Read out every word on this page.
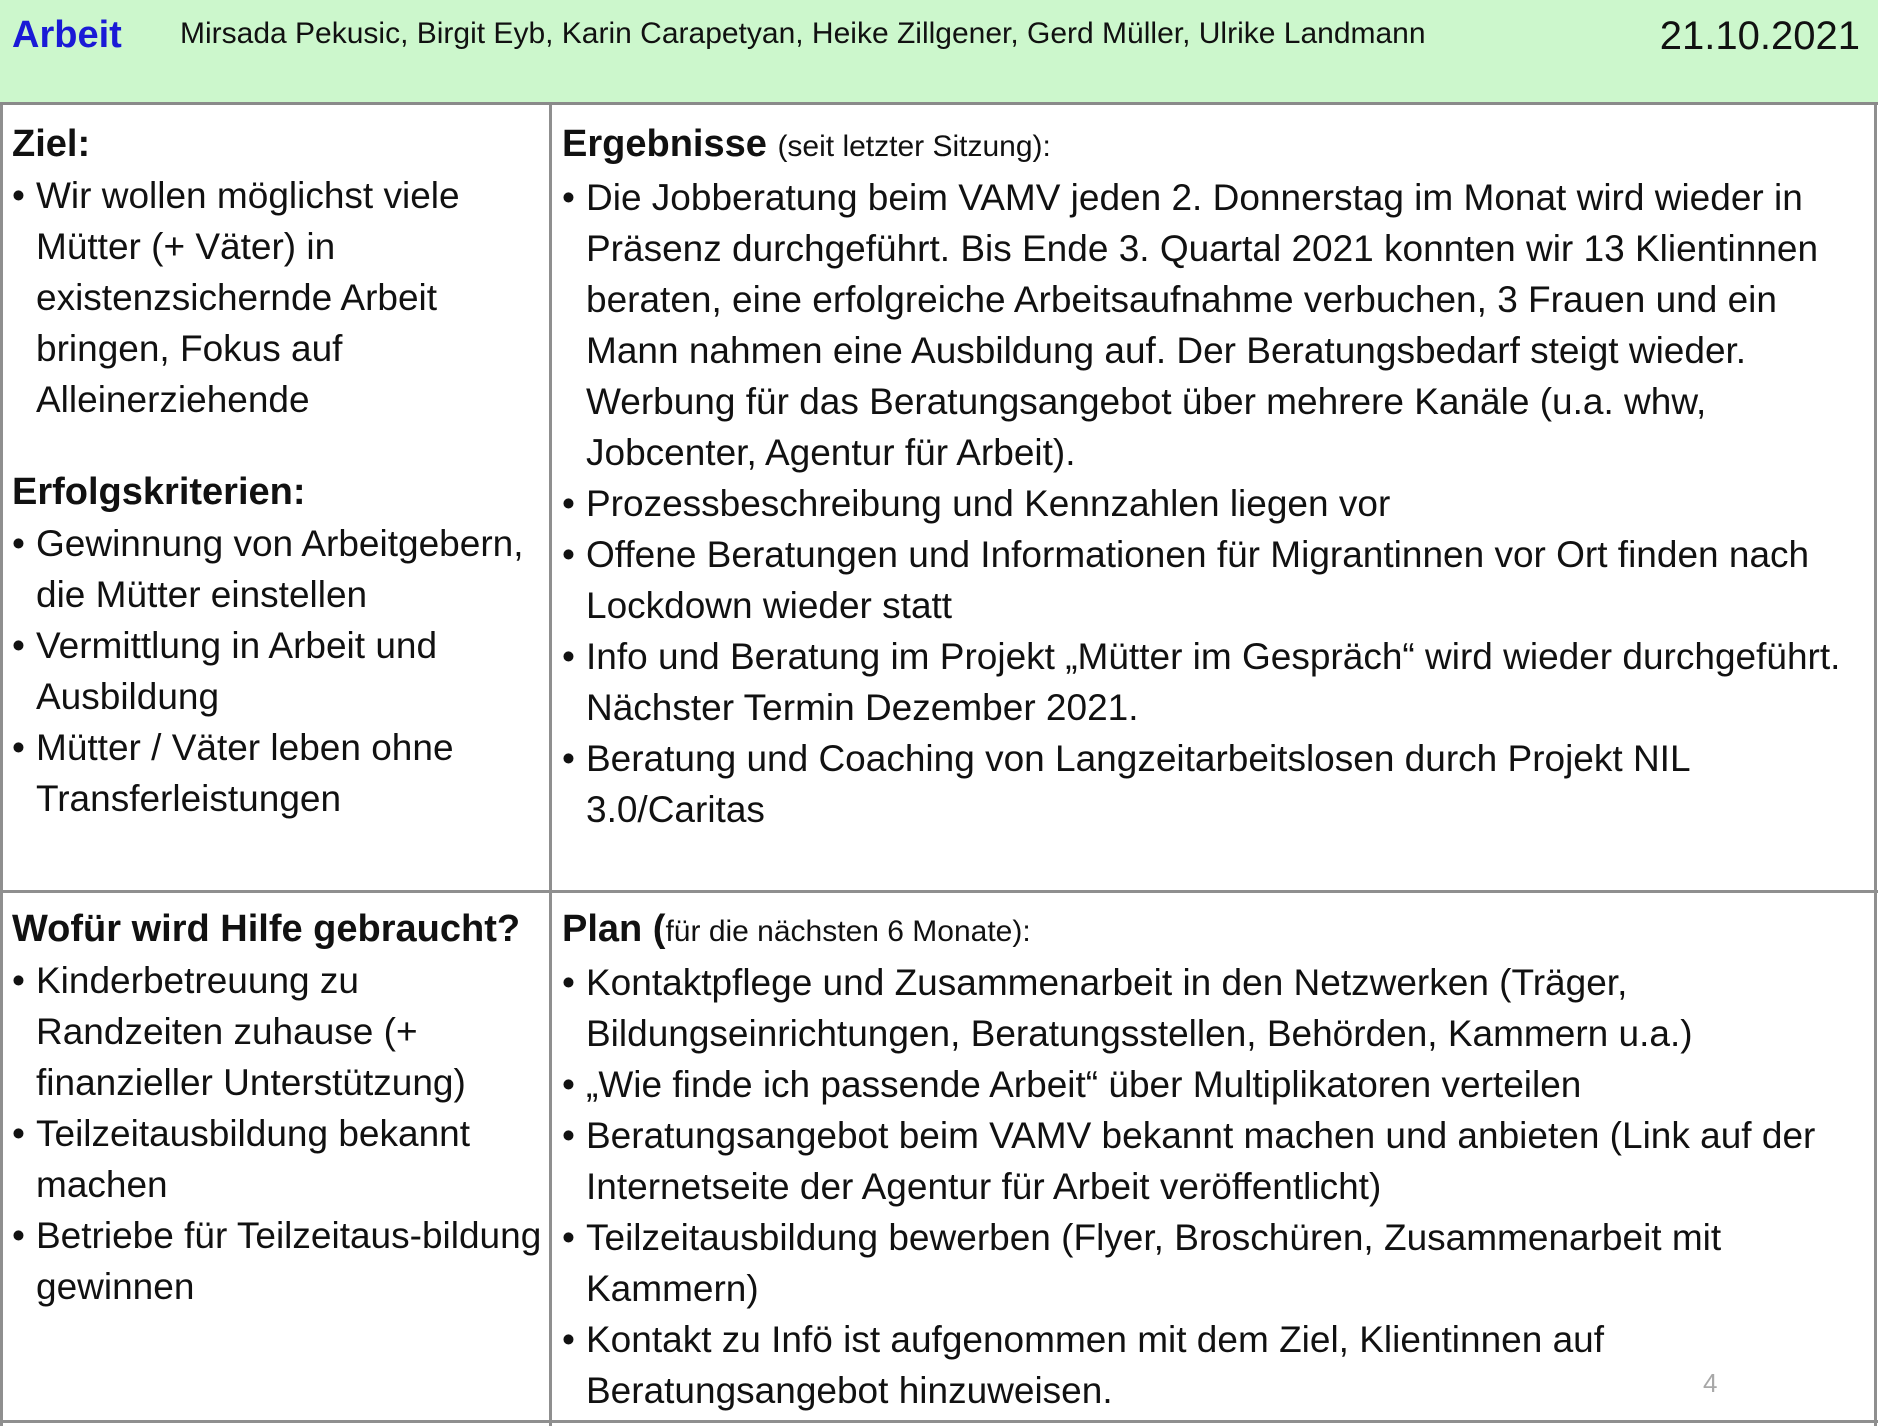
Arbeit Mirsada Pekusic, Birgit Eyb, Karin Carapetyan, Heike Zillgener, Gerd Müller, Ulrike Landmann	21.10.2021
Ziel:
• Wir wollen möglichst viele Mütter (+ Väter) in existenzsichernde Arbeit bringen, Fokus auf Alleinerziehende
Erfolgskriterien:
• Gewinnung von Arbeitgebern, die Mütter einstellen
• Vermittlung in Arbeit und Ausbildung
• Mütter / Väter leben ohne Transferleistungen
Ergebnisse (seit letzter Sitzung):
• Die Jobberatung beim VAMV jeden 2. Donnerstag im Monat wird wieder in Präsenz durchgeführt. Bis Ende 3. Quartal 2021 konnten wir 13 Klientinnen beraten, eine erfolgreiche Arbeitsaufnahme verbuchen, 3 Frauen und ein Mann nahmen eine Ausbildung auf. Der Beratungsbedarf steigt wieder. Werbung für das Beratungsangebot über mehrere Kanäle (u.a. whw, Jobcenter, Agentur für Arbeit).
• Prozessbeschreibung und Kennzahlen liegen vor
• Offene Beratungen und Informationen für Migrantinnen vor Ort finden nach Lockdown wieder statt
• Info und Beratung im Projekt „Mütter im Gespräch“ wird wieder durchgeführt. Nächster Termin Dezember 2021.
• Beratung und Coaching von Langzeitarbeitslosen durch Projekt NIL 3.0/Caritas
Wofür wird Hilfe gebraucht?
• Kinderbetreuung zu Randzeiten zuhause (+ finanzieller Unterstützung)
• Teilzeitausbildung bekannt machen
• Betriebe für Teilzeitaus-bildung gewinnen
Plan (für die nächsten 6 Monate):
• Kontaktpflege und Zusammenarbeit in den Netzwerken (Träger, Bildungseinrichtungen, Beratungsstellen, Behörden, Kammern u.a.)
• „Wie finde ich passende Arbeit“ über Multiplikatoren verteilen
• Beratungsangebot beim VAMV bekannt machen und anbieten (Link auf der Internetseite der Agentur für Arbeit veröffentlicht)
• Teilzeitausbildung bewerben (Flyer, Broschüren, Zusammenarbeit mit Kammern)
• Kontakt zu Infö ist aufgenommen mit dem Ziel, Klientinnen auf Beratungsangebot hinzuweisen.	4
